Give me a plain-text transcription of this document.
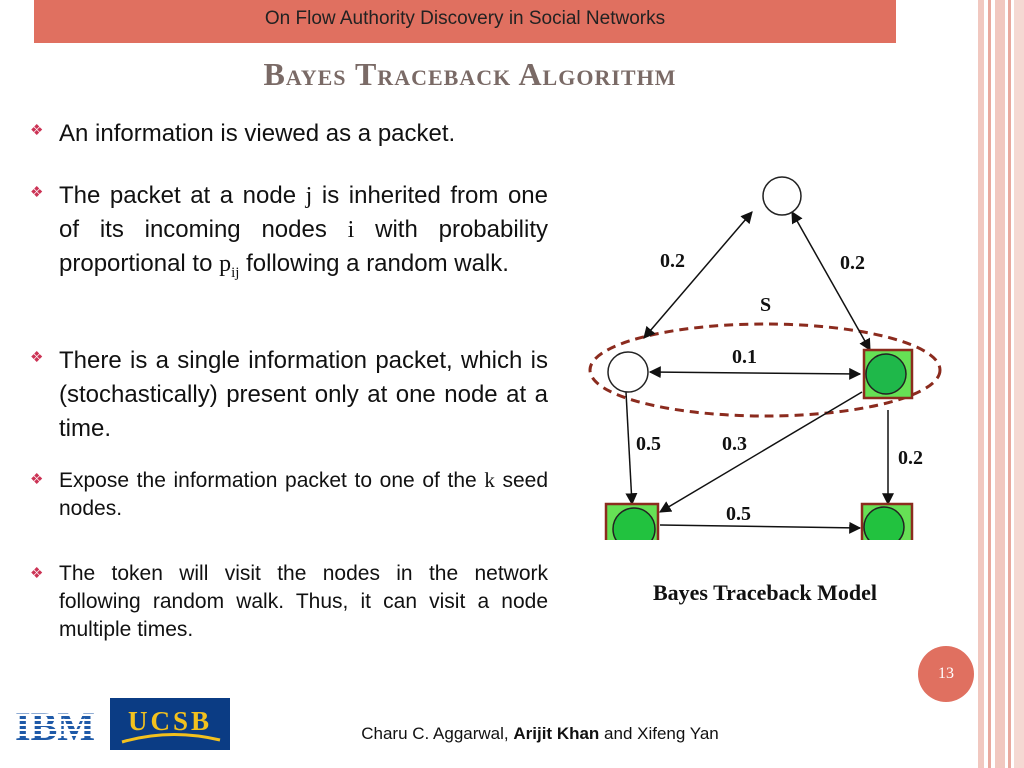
On Flow Authority Discovery in Social Networks
Bayes Traceback Algorithm
❖ An information is viewed as a packet.
❖ The packet at a node j is inherited from one of its incoming nodes i with probability proportional to $p_{ij}$ following a random walk.
❖ There is a single information packet, which is (stochastically) present only at one node at a time.
❖ Expose the information packet to one of the k seed nodes.
❖ The token will visit the nodes in the network following random walk. Thus, it can visit a node multiple times.
0.2	0.2
S
0.1
0.5	0.3
0.2
0.5
Bayes Traceback Model
13
UCSB	Charu C. Aggarwal, Arijit Khan and Xifeng Yan
